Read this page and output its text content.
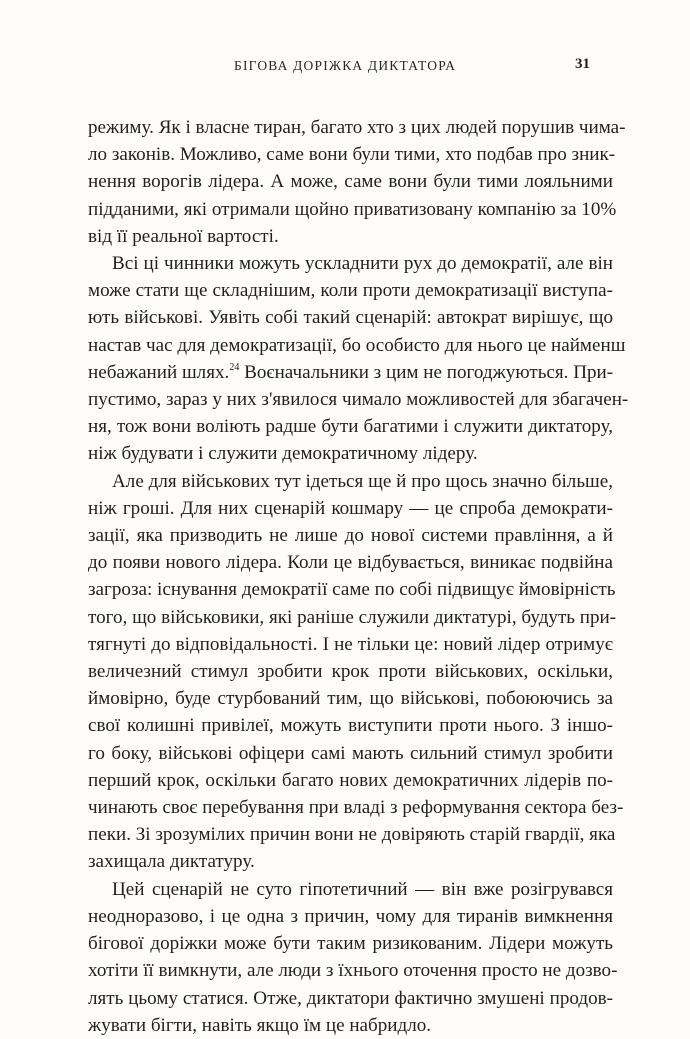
БІГОВА ДОРІЖКА ДИКТАТОРА	31

режиму. Як і власне тиран, багато хто з цих людей порушив чима-
ло законів. Можливо, саме вони були тими, хто подбав про зник-
нення ворогів лідера. А може, саме вони були тими лояльними
підданими, які отримали щойно приватизовану компанію за 10%
від її реальної вартості.

Всі ці чинники можуть ускладнити рух до демократії, але він
може стати ще складнішим, коли проти демократизації виступа-
ють військові. Уявіть собі такий сценарій: автократ вирішує, що
настав час для демократизації, бо особисто для нього це найменш
небажаний шлях.$^{24}$ Воєначальники з цим не погоджуються. При-
пустимо, зараз у них з'явилося чимало можливостей для збагачен-
ня, тож вони воліють радше бути багатими і служити диктатору,
ніж будувати і служити демократичному лідеру.

Але для військових тут ідеться ще й про щось значно більше,
ніж гроші. Для них сценарій кошмару — це спроба демократи-
зації, яка призводить не лише до нової системи правління, а й
до появи нового лідера. Коли це відбувається, виникає подвійна
загроза: існування демократії саме по собі підвищує ймовірність
того, що військовики, які раніше служили диктатурі, будуть при-
тягнуті до відповідальності. І не тільки це: новий лідер отримує
величезний стимул зробити крок проти військових, оскільки,
ймовірно, буде стурбований тим, що військові, побоюючись за
свої колишні привілеї, можуть виступити проти нього. З іншо-
го боку, військові офіцери самі мають сильний стимул зробити
перший крок, оскільки багато нових демократичних лідерів по-
чинають своє перебування при владі з реформування сектора без-
пеки. Зі зрозумілих причин вони не довіряють старій гвардії, яка
захищала диктатуру.

Цей сценарій не суто гіпотетичний — він вже розігрувався
неодноразово, і це одна з причин, чому для тиранів вимкнення
бігової доріжки може бути таким ризикованим. Лідери можуть
хотіти її вимкнути, але люди з їхнього оточення просто не дозво-
лять цьому статися. Отже, диктатори фактично змушені продов-
жувати бігти, навіть якщо їм це набридло.
